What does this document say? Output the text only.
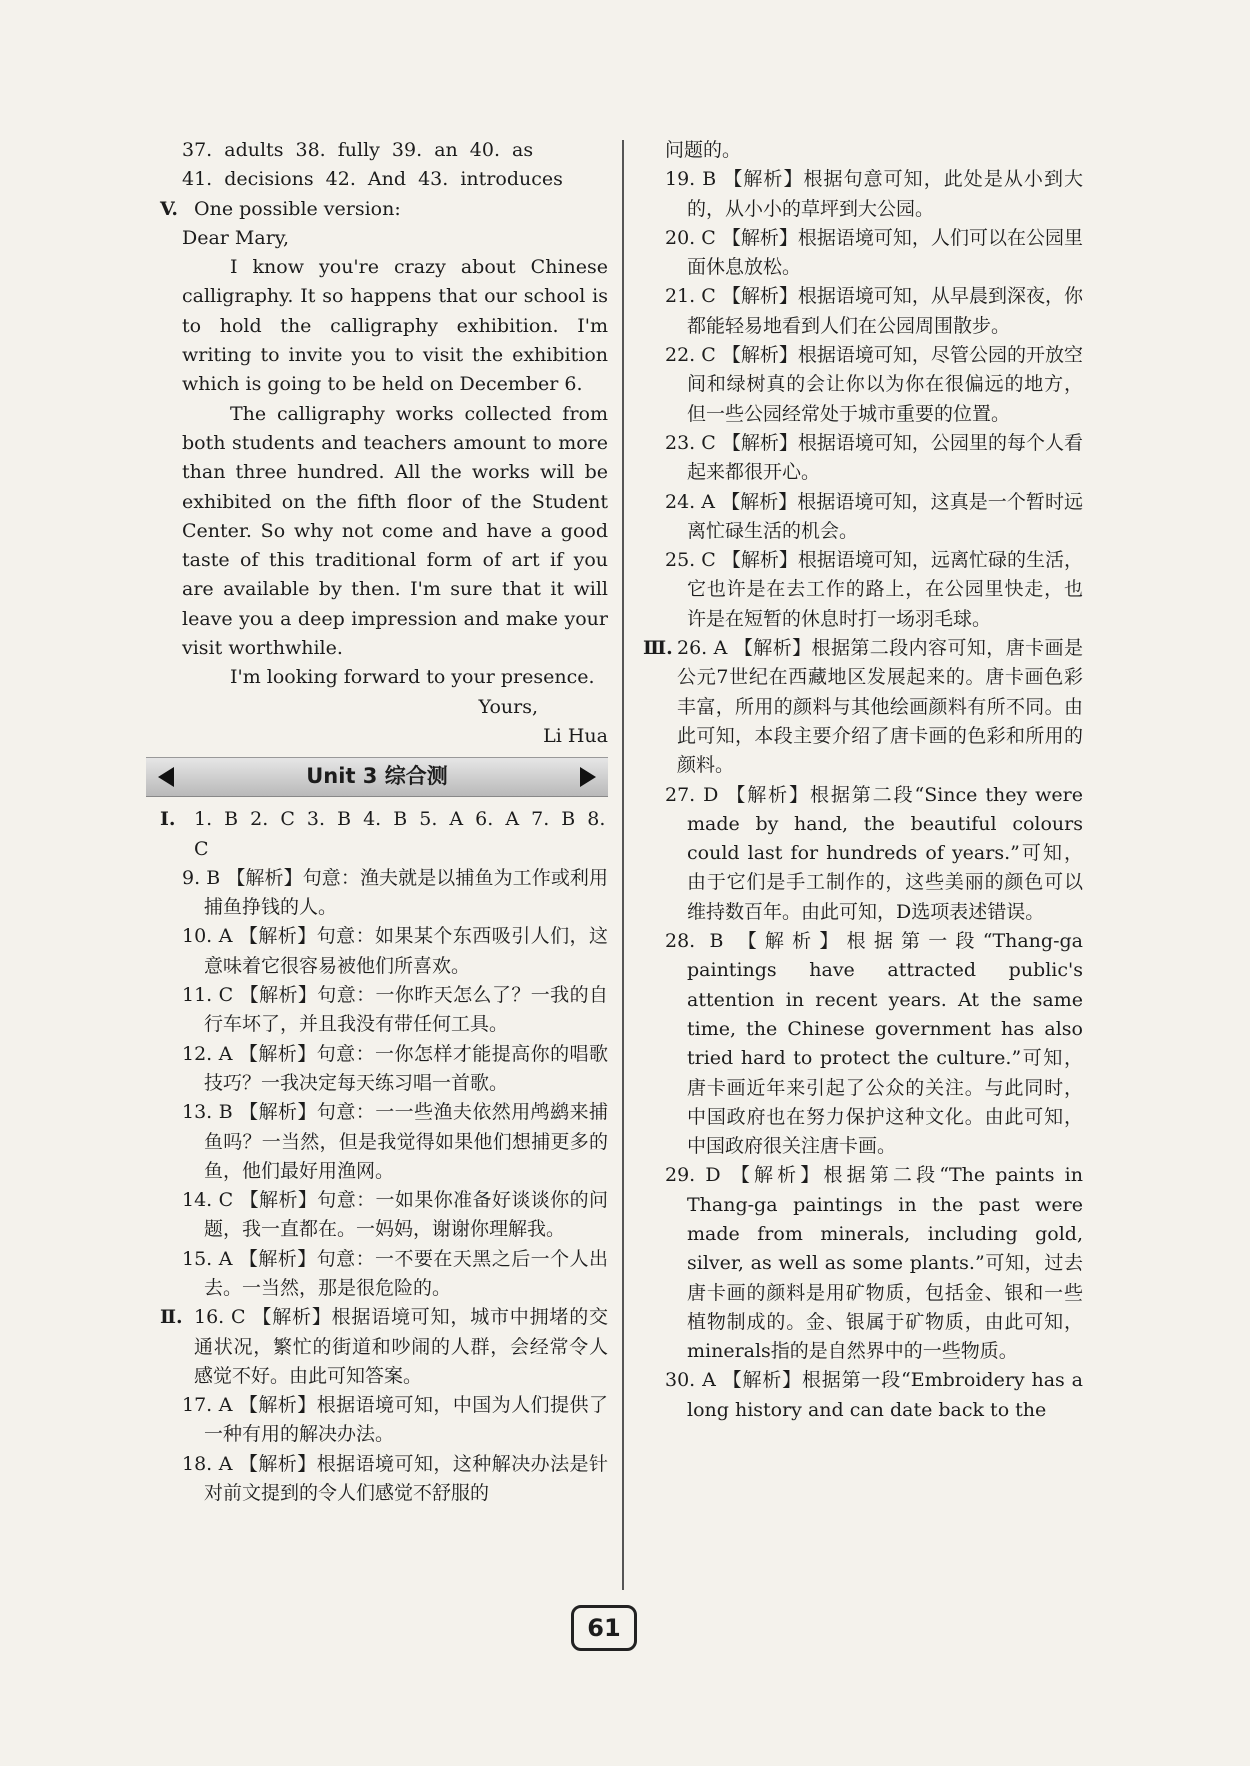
37. adults 38. fully 39. an 40. as

41. decisions 42. And 43. introduces

V. One possible version:

Dear Mary,

I know you're crazy about Chinese calligraphy. It so happens that our school is to hold the calligraphy exhibition. I'm writing to invite you to visit the exhibition which is going to be held on December 6.

The calligraphy works collected from both students and teachers amount to more than three hundred. All the works will be exhibited on the fifth floor of the Student Center. So why not come and have a good taste of this traditional form of art if you are available by then. I'm sure that it will leave you a deep impression and make your visit worthwhile.

I'm looking forward to your presence.

Yours,

Li Hua

Unit 3 综合测

Ⅰ. 1. B 2. C 3. B 4. B 5. A 6. A 7. B 8. C

9. B 【解析】句意：渔夫就是以捕鱼为工作或利用捕鱼挣钱的人。

10. A 【解析】句意：如果某个东西吸引人们，这意味着它很容易被他们所喜欢。

11. C 【解析】句意：一你昨天怎么了？一我的自行车坏了，并且我没有带任何工具。

12. A 【解析】句意：一你怎样才能提高你的唱歌技巧？一我决定每天练习唱一首歌。

13. B 【解析】句意：一一些渔夫依然用鸬鹚来捕鱼吗？一当然，但是我觉得如果他们想捕更多的鱼，他们最好用渔网。

14. C 【解析】句意：一如果你准备好谈谈你的问题，我一直都在。一妈妈，谢谢你理解我。

15. A 【解析】句意：一不要在天黑之后一个人出去。一当然，那是很危险的。

Ⅱ. 16. C 【解析】根据语境可知，城市中拥堵的交通状况，繁忙的街道和吵闹的人群，会经常令人感觉不好。由此可知答案。

17. A 【解析】根据语境可知，中国为人们提供了一种有用的解决办法。

18. A 【解析】根据语境可知，这种解决办法是针对前文提到的令人们感觉不舒服的

问题的。

19. B 【解析】根据句意可知，此处是从小到大的，从小小的草坪到大公园。

20. C 【解析】根据语境可知，人们可以在公园里面休息放松。

21. C 【解析】根据语境可知，从早晨到深夜，你都能轻易地看到人们在公园周围散步。

22. C 【解析】根据语境可知，尽管公园的开放空间和绿树真的会让你以为你在很偏远的地方，但一些公园经常处于城市重要的位置。

23. C 【解析】根据语境可知，公园里的每个人看起来都很开心。

24. A 【解析】根据语境可知，这真是一个暂时远离忙碌生活的机会。

25. C 【解析】根据语境可知，远离忙碌的生活，它也许是在去工作的路上，在公园里快走，也许是在短暂的休息时打一场羽毛球。

Ⅲ. 26. A 【解析】根据第二段内容可知，唐卡画是公元7世纪在西藏地区发展起来的。唐卡画色彩丰富，所用的颜料与其他绘画颜料有所不同。由此可知，本段主要介绍了唐卡画的色彩和所用的颜料。

27. D 【解析】根据第二段“Since they were made by hand, the beautiful colours could last for hundreds of years.”可知，由于它们是手工制作的，这些美丽的颜色可以维持数百年。由此可知，D选项表述错误。

28. B 【解析】根据第一段“Thang-ga paintings have attracted public's attention in recent years. At the same time, the Chinese government has also tried hard to protect the culture.”可知，唐卡画近年来引起了公众的关注。与此同时，中国政府也在努力保护这种文化。由此可知，中国政府很关注唐卡画。

29. D 【解析】根据第二段“The paints in Thang-ga paintings in the past were made from minerals, including gold, silver, as well as some plants.”可知，过去唐卡画的颜料是用矿物质，包括金、银和一些植物制成的。金、银属于矿物质，由此可知，minerals指的是自然界中的一些物质。

30. A 【解析】根据第一段“Embroidery has a long history and can date back to the

61
